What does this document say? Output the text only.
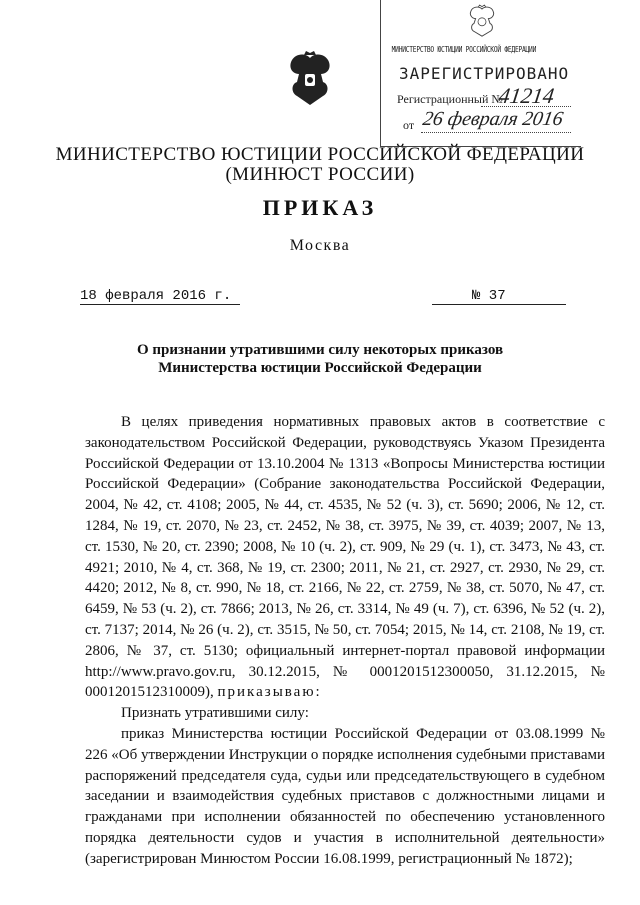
МИНИСТЕРСТВО ЮСТИЦИИ РОССИЙСКОЙ ФЕДЕРАЦИИ
ЗАРЕГИСТРИРОВАНО
Регистрационный №
41214
от 26 февраля 2016
МИНИСТЕРСТВО ЮСТИЦИИ РОССИЙСКОЙ ФЕДЕРАЦИИ
(МИНЮСТ РОССИИ)
ПРИКАЗ
Москва
18 февраля 2016 г.	№ 37
О признании утратившими силу некоторых приказов
Министерства юстиции Российской Федерации

В целях приведения нормативных правовых актов в соответствие с законодательством Российской Федерации, руководствуясь Указом Президента Российской Федерации от 13.10.2004 № 1313 «Вопросы Министерства юстиции Российской Федерации» (Собрание законодательства Российской Федерации, 2004, № 42, ст. 4108; 2005, № 44, ст. 4535, № 52 (ч. 3), ст. 5690; 2006, № 12, ст. 1284, № 19, ст. 2070, № 23, ст. 2452, № 38, ст. 3975, № 39, ст. 4039; 2007, № 13, ст. 1530, № 20, ст. 2390; 2008, № 10 (ч. 2), ст. 909, № 29 (ч. 1), ст. 3473, № 43, ст. 4921; 2010, № 4, ст. 368, № 19, ст. 2300; 2011, № 21, ст. 2927, ст. 2930, № 29, ст. 4420; 2012, № 8, ст. 990, № 18, ст. 2166, № 22, ст. 2759, № 38, ст. 5070, № 47, ст. 6459, № 53 (ч. 2), ст. 7866; 2013, № 26, ст. 3314, № 49 (ч. 7), ст. 6396, № 52 (ч. 2), ст. 7137; 2014, № 26 (ч. 2), ст. 3515, № 50, ст. 7054; 2015, № 14, ст. 2108, № 19, ст. 2806, № 37, ст. 5130; официальный интернет-портал правовой информации http://www.pravo.gov.ru, 30.12.2015, № 0001201512300050, 31.12.2015, № 0001201512310009), приказываю:

Признать утратившими силу:

приказ Министерства юстиции Российской Федерации от 03.08.1999 № 226 «Об утверждении Инструкции о порядке исполнения судебными приставами распоряжений председателя суда, судьи или председательствующего в судебном заседании и взаимодействия судебных приставов с должностными лицами и гражданами при исполнении обязанностей по обеспечению установленного порядка деятельности судов и участия в исполнительной деятельности» (зарегистрирован Минюстом России 16.08.1999, регистрационный № 1872);
